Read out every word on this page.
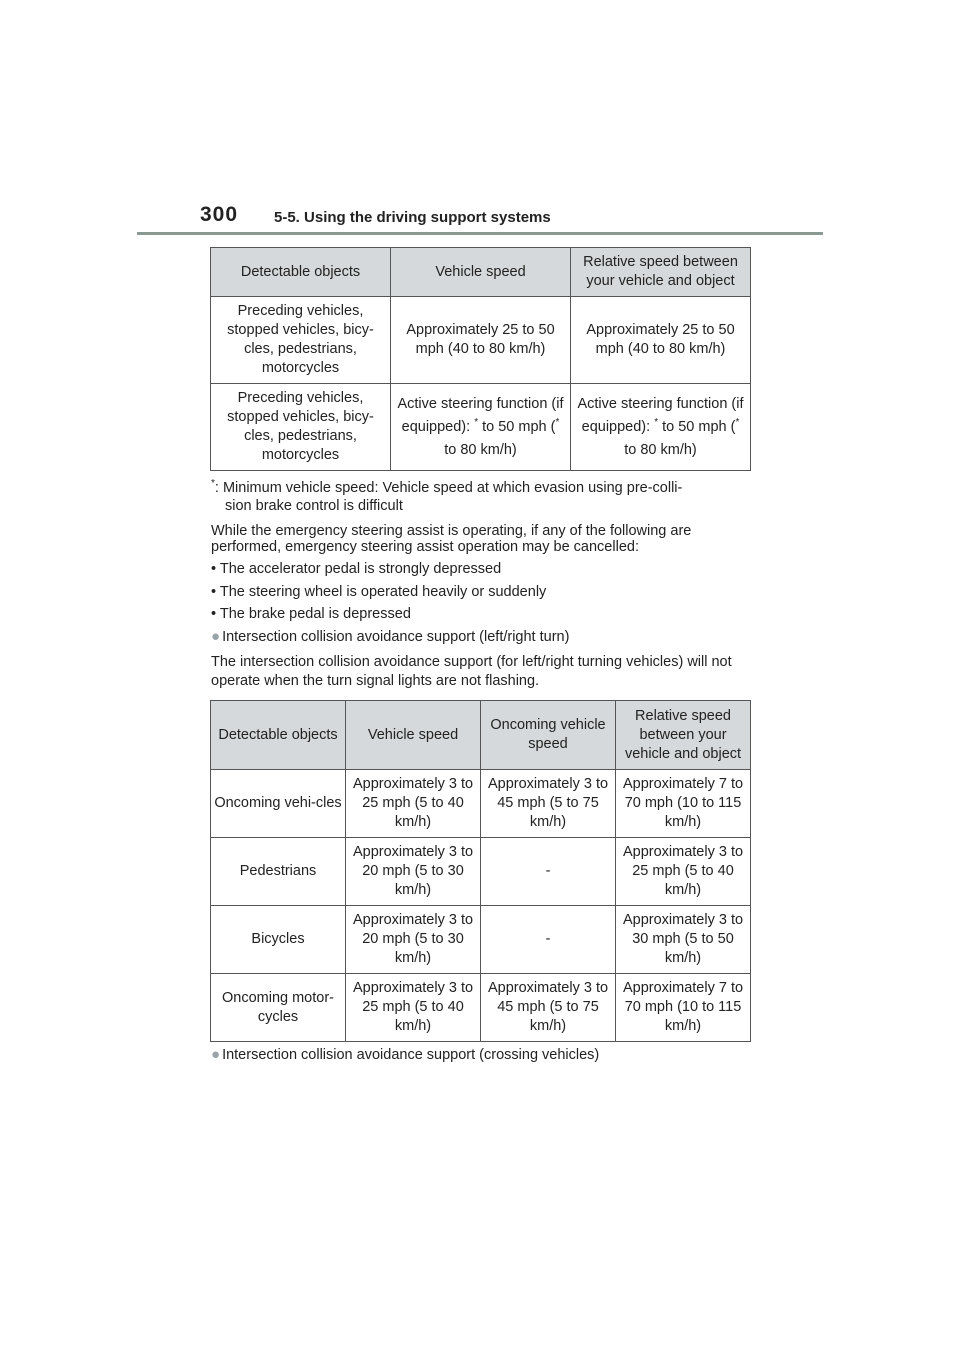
300 5-5. Using the driving support systems
Detectable objects	Vehicle speed	Relative speed between your vehicle and object
Preceding vehicles, stopped vehicles, bicy-cles, pedestrians, motorcycles	Approximately 25 to 50 mph (40 to 80 km/h)	Approximately 25 to 50 mph (40 to 80 km/h)
Preceding vehicles, stopped vehicles, bicy-cles, pedestrians, motorcycles	Active steering function (if equipped): * to 50 mph (* to 80 km/h)	Active steering function (if equipped): * to 50 mph (* to 80 km/h)
*: Minimum vehicle speed: Vehicle speed at which evasion using pre-colli-
sion brake control is difficult
While the emergency steering assist is operating, if any of the following are performed, emergency steering assist operation may be cancelled:
• The accelerator pedal is strongly depressed
• The steering wheel is operated heavily or suddenly
• The brake pedal is depressed
● Intersection collision avoidance support (left/right turn)
The intersection collision avoidance support (for left/right turning vehicles) will not operate when the turn signal lights are not flashing.
Detectable objects	Vehicle speed	Oncoming vehicle speed	Relative speed between your vehicle and object
Oncoming vehi-cles	Approximately 3 to 25 mph (5 to 40 km/h)	Approximately 3 to 45 mph (5 to 75 km/h)	Approximately 7 to 70 mph (10 to 115 km/h)
Pedestrians	Approximately 3 to 20 mph (5 to 30 km/h)	-	Approximately 3 to 25 mph (5 to 40 km/h)
Bicycles	Approximately 3 to 20 mph (5 to 30 km/h)	-	Approximately 3 to 30 mph (5 to 50 km/h)
Oncoming motor-cycles	Approximately 3 to 25 mph (5 to 40 km/h)	Approximately 3 to 45 mph (5 to 75 km/h)	Approximately 7 to 70 mph (10 to 115 km/h)
● Intersection collision avoidance support (crossing vehicles)
